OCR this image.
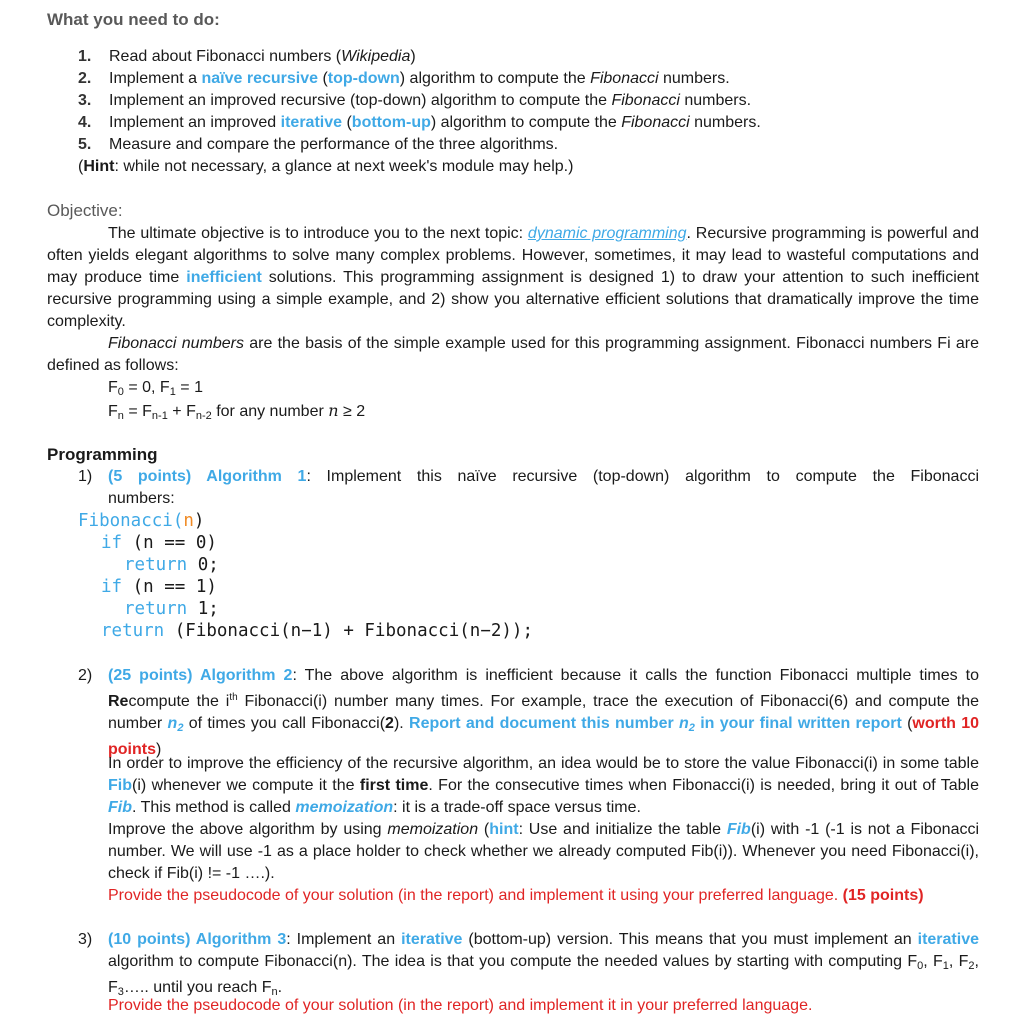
What you need to do:
1. Read about Fibonacci numbers (Wikipedia)
2. Implement a naïve recursive (top-down) algorithm to compute the Fibonacci numbers.
3. Implement an improved recursive (top-down) algorithm to compute the Fibonacci numbers.
4. Implement an improved iterative (bottom-up) algorithm to compute the Fibonacci numbers.
5. Measure and compare the performance of the three algorithms.
(Hint: while not necessary, a glance at next week's module may help.)
Objective:
The ultimate objective is to introduce you to the next topic: dynamic programming. Recursive programming is powerful and often yields elegant algorithms to solve many complex problems. However, sometimes, it may lead to wasteful computations and may produce time inefficient solutions. This programming assignment is designed 1) to draw your attention to such inefficient recursive programming using a simple example, and 2) show you alternative efficient solutions that dramatically improve the time complexity.
Fibonacci numbers are the basis of the simple example used for this programming assignment. Fibonacci numbers Fi are defined as follows:
$F_0 = 0$, $F_1 = 1$
$F_n = F_{n-1} + F_{n-2}$ for any number n ≥ 2
Programming
1) (5 points) Algorithm 1: Implement this naïve recursive (top-down) algorithm to compute the Fibonacci
numbers:
Fibonacci(n)
if (n == 0)
return 0;
if (n == 1)
return 1;
return (Fibonacci(n−1) + Fibonacci(n−2));
2) (25 points) Algorithm 2: The above algorithm is inefficient because it calls the function Fibonacci multiple times to Recompute the $i^{th}$ Fibonacci(i) number many times. For example, trace the execution of Fibonacci(6) and compute the number $n_2$ of times you call Fibonacci(2). Report and document this number $n_2$ in your final written report (worth 10 points)
In order to improve the efficiency of the recursive algorithm, an idea would be to store the value Fibonacci(i) in some table Fib(i) whenever we compute it the first time. For the consecutive times when Fibonacci(i) is needed, bring it out of Table Fib. This method is called memoization: it is a trade-off space versus time.
Improve the above algorithm by using memoization (hint: Use and initialize the table Fib(i) with -1 (-1 is not a Fibonacci number. We will use -1 as a place holder to check whether we already computed Fib(i)). Whenever you need Fibonacci(i), check if Fib(i) != -1 ….).
Provide the pseudocode of your solution (in the report) and implement it using your preferred language. (15 points)
3) (10 points) Algorithm 3: Implement an iterative (bottom-up) version. This means that you must implement an iterative algorithm to compute Fibonacci(n). The idea is that you compute the needed values by starting with computing $F_0$, $F_1$, $F_2$, $F_3\dots$.. until you reach $F_n$.
Provide the pseudocode of your solution (in the report) and implement it in your preferred language.
